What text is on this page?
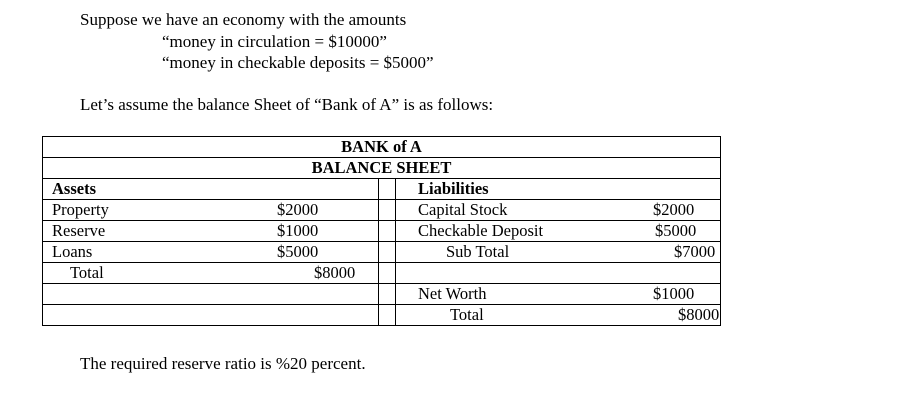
Suppose we have an economy with the amounts
“money in circulation = $10000”
“money in checkable deposits = $5000”
Let’s assume the balance Sheet of “Bank of A” is as follows:
BANK of A		
BALANCE SHEET		
Assets		Liabilities

Property $2000		Capital Stock $2000

Reserve $1000		Checkable Deposit $5000

Loans $5000		Sub Total $7000

Total $8000		

		Net Worth $1000

		Total $8000
The required reserve ratio is %20 percent.
